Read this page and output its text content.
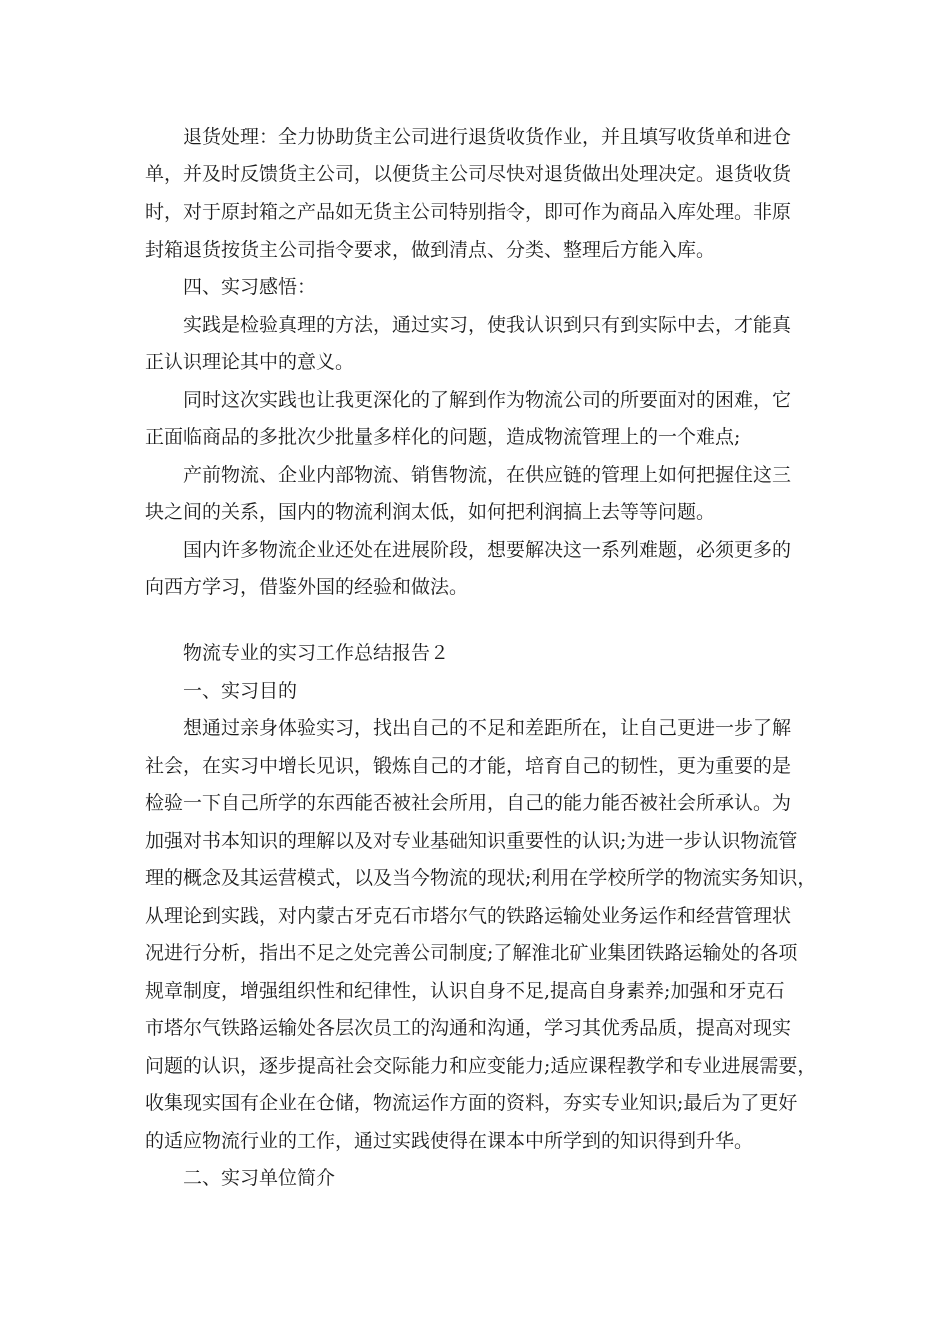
退货处理：全力协助货主公司进行退货收货作业，并且填写收货单和进仓
单，并及时反馈货主公司，以便货主公司尽快对退货做出处理决定。退货收货
时，对于原封箱之产品如无货主公司特别指令，即可作为商品入库处理。非原
封箱退货按货主公司指令要求，做到清点、分类、整理后方能入库。
四、实习感悟：
实践是检验真理的方法，通过实习，使我认识到只有到实际中去，才能真
正认识理论其中的意义。
同时这次实践也让我更深化的了解到作为物流公司的所要面对的困难，它
正面临商品的多批次少批量多样化的问题，造成物流管理上的一个难点;
产前物流、企业内部物流、销售物流，在供应链的管理上如何把握住这三
块之间的关系，国内的物流利润太低，如何把利润搞上去等等问题。
国内许多物流企业还处在进展阶段，想要解决这一系列难题，必须更多的
向西方学习，借鉴外国的经验和做法。
物流专业的实习工作总结报告２
一、实习目的
想通过亲身体验实习，找出自己的不足和差距所在，让自己更进一步了解
社会，在实习中增长见识，锻炼自己的才能，培育自己的韧性，更为重要的是
检验一下自己所学的东西能否被社会所用，自己的能力能否被社会所承认。为
加强对书本知识的理解以及对专业基础知识重要性的认识;为进一步认识物流管
理的概念及其运营模式，以及当今物流的现状;利用在学校所学的物流实务知识，
从理论到实践，对内蒙古牙克石市塔尔气的铁路运输处业务运作和经营管理状
况进行分析，指出不足之处完善公司制度;了解淮北矿业集团铁路运输处的各项
规章制度，增强组织性和纪律性，认识自身不足,提高自身素养;加强和牙克石
市塔尔气铁路运输处各层次员工的沟通和沟通，学习其优秀品质，提高对现实
问题的认识，逐步提高社会交际能力和应变能力;适应课程教学和专业进展需要，
收集现实国有企业在仓储，物流运作方面的资料，夯实专业知识;最后为了更好
的适应物流行业的工作，通过实践使得在课本中所学到的知识得到升华。
二、实习单位简介
